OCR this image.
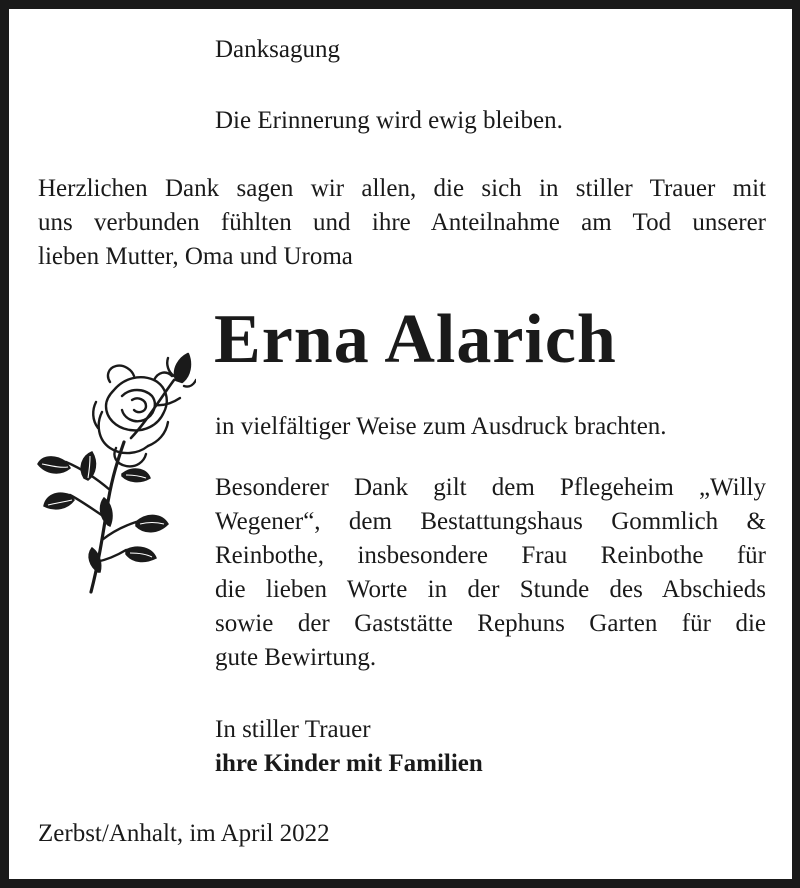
Danksagung

Die Erinnerung wird ewig bleiben.

Herzlichen Dank sagen wir allen, die sich in stiller Trauer mit
uns verbunden fühlten und ihre Anteilnahme am Tod unserer
lieben Mutter, Oma und Uroma
Erna Alarich

in vielfältiger Weise zum Ausdruck brachten.

Besonderer Dank gilt dem Pflegeheim „Willy
Wegener“, dem Bestattungshaus Gommlich &
Reinbothe, insbesondere Frau Reinbothe für
die lieben Worte in der Stunde des Abschieds
sowie der Gaststätte Rephuns Garten für die
gute Bewirtung.

In stiller Trauer

ihre Kinder mit Familien

Zerbst/Anhalt, im April 2022
